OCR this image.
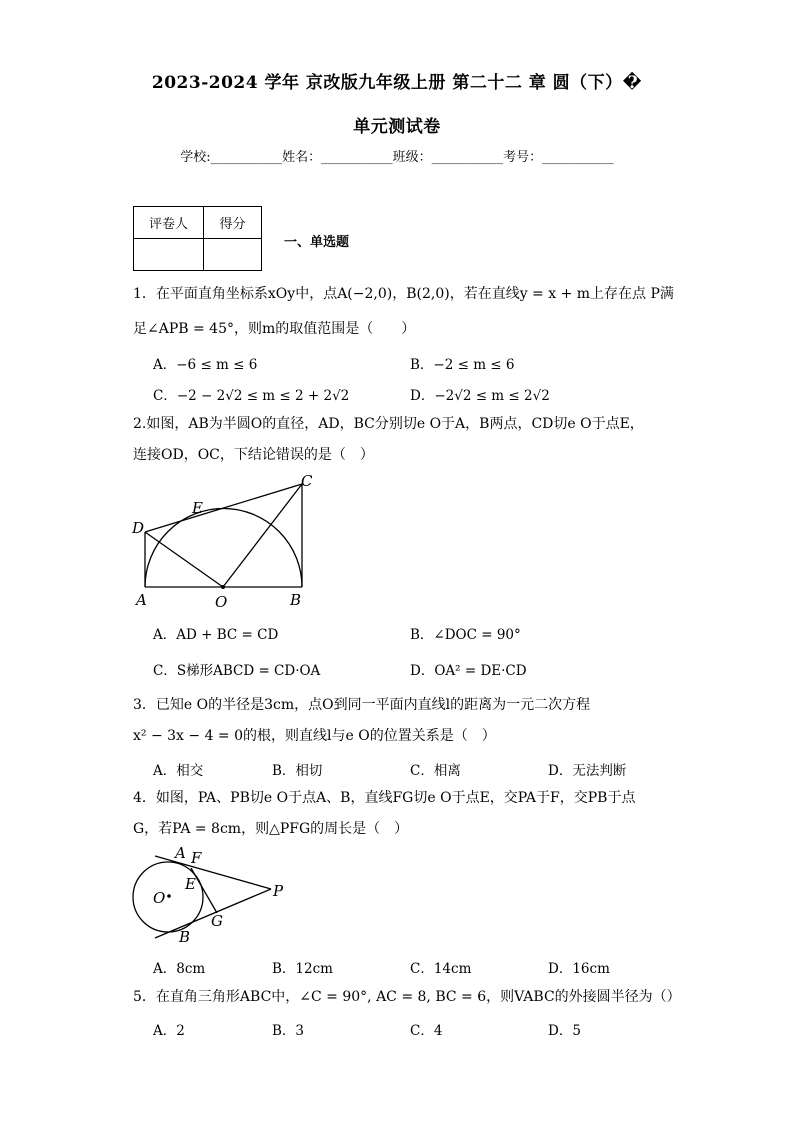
2023-2024 学年 京改版九年级上册 第二十二 章 圆（下）�
单元测试卷
学校:___________姓名：___________班级：___________考号：___________
评卷人	得分

一、单选题
1．在平面直角坐标系xOy中，点A(−2,0)，B(2,0)，若在直线y = x + m上存在点 P满
足∠APB = 45°，则m的取值范围是（　　）
A．−6 ≤ m ≤ 6	B．−2 ≤ m ≤ 6
C．−2 − 2√2 ≤ m ≤ 2 + 2√2	D．−2√2 ≤ m ≤ 2√2
2.如图，AB为半圆O的直径，AD，BC分别切e O于A，B两点，CD切e O于点E，
连接OD，OC，下结论错误的是（　）
C
E
D
A	O	B
A．AD + BC = CD	B．∠DOC = 90°
C．S梯形ABCD = CD·OA	D．OA² = DE·CD
3．已知e O的半径是3cm，点O到同一平面内直线l的距离为一元二次方程
x² − 3x − 4 = 0的根，则直线l与e O的位置关系是（　）
A．相交	B．相切	C．相离	D．无法判断
4．如图，PA、PB切e O于点A、B，直线FG切e O于点E，交PA于F，交PB于点
G，若PA = 8cm，则△PFG的周长是（　）
A F
E
O	P
G
B
A．8cm	B．12cm	C．14cm	D．16cm
5．在直角三角形ABC中，∠C = 90°, AC = 8, BC = 6，则VABC的外接圆半径为（）
A．2	B．3	C．4	D．5
